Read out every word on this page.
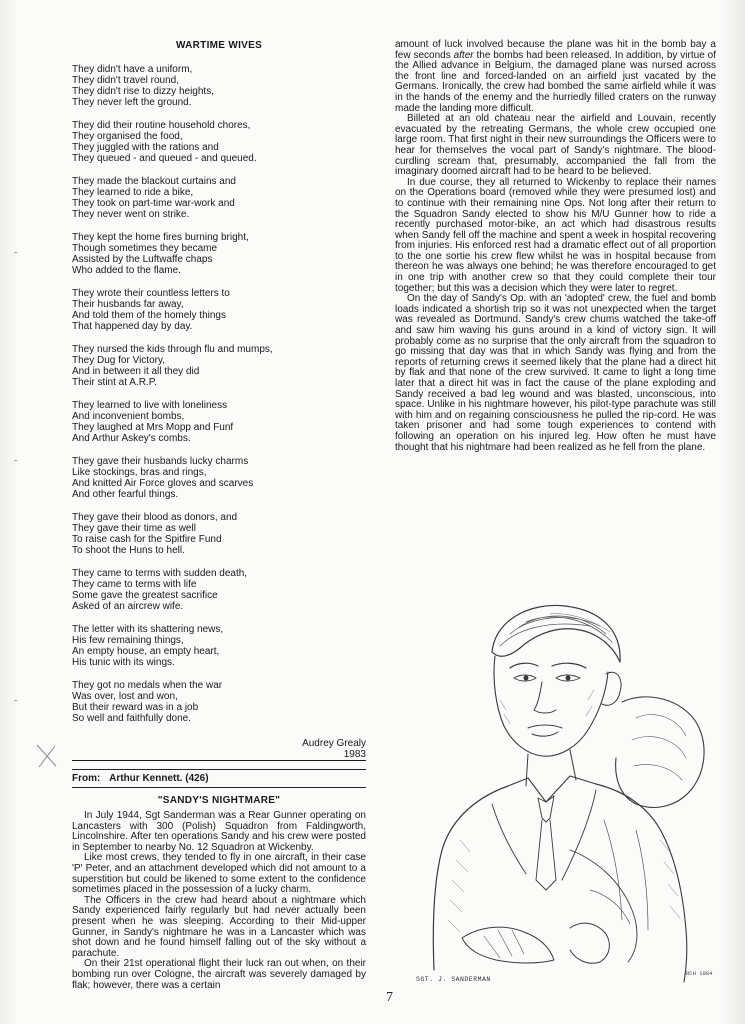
WARTIME WIVES
They didn't have a uniform,
They didn't travel round,
They didn't rise to dizzy heights,
They never left the ground.
They did their routine household chores,
They organised the food,
They juggled with the rations and
They queued - and queued - and queued.
They made the blackout curtains and
They learned to ride a bike,
They took on part-time war-work and
They never went on strike.
They kept the home fires burning bright,
Though sometimes they became
Assisted by the Luftwaffe chaps
Who added to the flame.
They wrote their countless letters to
Their husbands far away,
And told them of the homely things
That happened day by day.
They nursed the kids through flu and mumps,
They Dug for Victory,
And in between it all they did
Their stint at A.R.P.
They learned to live with loneliness
And inconvenient bombs,
They laughed at Mrs Mopp and Funf
And Arthur Askey's combs.
They gave their husbands lucky charms
Like stockings, bras and rings,
And knitted Air Force gloves and scarves
And other fearful things.
They gave their blood as donors, and
They gave their time as well
To raise cash for the Spitfire Fund
To shoot the Huns to hell.
They came to terms with sudden death,
They came to terms with life
Some gave the greatest sacrifice
Asked of an aircrew wife.
The letter with its shattering news,
His few remaining things,
An empty house, an empty heart,
His tunic with its wings.
They got no medals when the war
Was over, lost and won,
But their reward was in a job
So well and faithfully done.
Audrey Grealy
1983
From: Arthur Kennett. (426)
"SANDY'S NIGHTMARE"

In July 1944, Sgt Sanderman was a Rear Gunner operating on Lancasters with 300 (Polish) Squadron from Faldingworth, Lincolnshire. After ten operations Sandy and his crew were posted in September to nearby No. 12 Squadron at Wickenby.

Like most crews, they tended to fly in one aircraft, in their case 'P' Peter, and an attachment developed which did not amount to a superstition but could be likened to some extent to the confidence sometimes placed in the possession of a lucky charm.

The Officers in the crew had heard about a nightmare which Sandy experienced fairly regularly but had never actually been present when he was sleeping. According to their Mid-upper Gunner, in Sandy's nightmare he was in a Lancaster which was shot down and he found himself falling out of the sky without a parachute.

On their 21st operational flight their luck ran out when, on their bombing run over Cologne, the aircraft was severely damaged by flak; however, there was a certain

amount of luck involved because the plane was hit in the bomb bay a few seconds after the bombs had been released. In addition, by virtue of the Allied advance in Belgium, the damaged plane was nursed across the front line and forced-landed on an airfield just vacated by the Germans. Ironically, the crew had bombed the same airfield while it was in the hands of the enemy and the hurriedly filled craters on the runway made the landing more difficult.

Billeted at an old chateau near the airfield and Louvain, recently evacuated by the retreating Germans, the whole crew occupied one large room. That first night in their new surroundings the Officers were to hear for themselves the vocal part of Sandy's nightmare. The blood-curdling scream that, presumably, accompanied the fall from the imaginary doomed aircraft had to be heard to be believed.

In due course, they all returned to Wickenby to replace their names on the Operations board (removed while they were presumed lost) and to continue with their remaining nine Ops. Not long after their return to the Squadron Sandy elected to show his M/U Gunner how to ride a recently purchased motor-bike, an act which had disastrous results when Sandy fell off the machine and spent a week in hospital recovering from injuries. His enforced rest had a dramatic effect out of all proportion to the one sortie his crew flew whilst he was in hospital because from thereon he was always one behind; he was therefore encouraged to get in one trip with another crew so that they could complete their tour together; but this was a decision which they were later to regret.

On the day of Sandy's Op. with an 'adopted' crew, the fuel and bomb loads indicated a shortish trip so it was not unexpected when the target was revealed as Dortmund. Sandy's crew chums watched the take-off and saw him waving his guns around in a kind of victory sign. It will probably come as no surprise that the only aircraft from the squadron to go missing that day was that in which Sandy was flying and from the reports of returning crews it seemed likely that the plane had a direct hit by flak and that none of the crew survived. It came to light a long time later that a direct hit was in fact the cause of the plane exploding and Sandy received a bad leg wound and was blasted, unconscious, into space. Unlike in his nightmare however, his pilot-type parachute was still with him and on regaining consciousness he pulled the rip-cord. He was taken prisoner and had some tough experiences to contend with following an operation on his injured leg. How often he must have thought that his nightmare had been realized as he fell from the plane.

SGT. J. SANDERMAN
RCH 1984
7
